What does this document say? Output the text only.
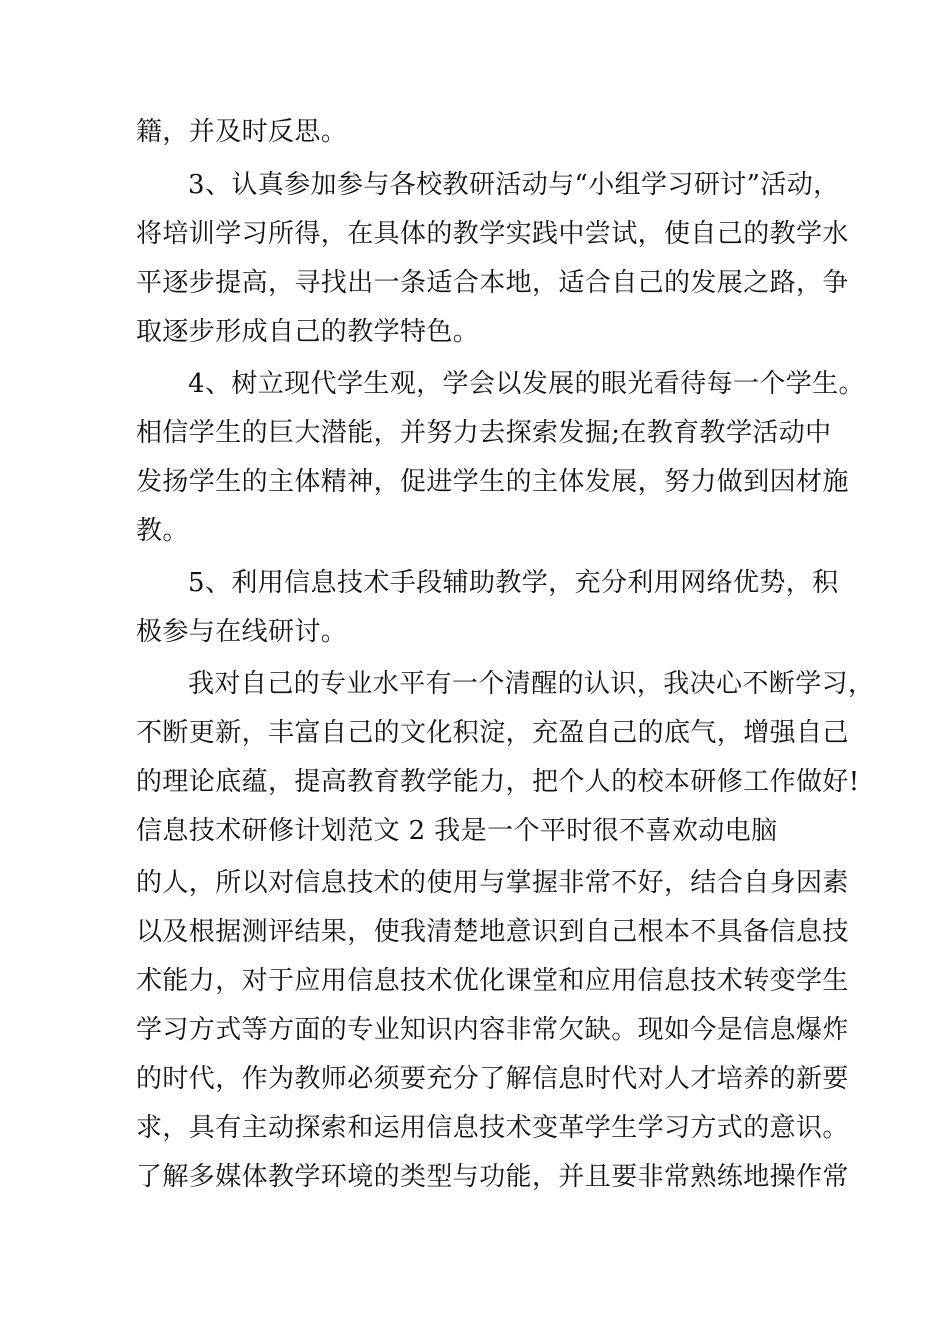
籍，并及时反思。
3、认真参加参与各校教研活动与“小组学习研讨”活动，
将培训学习所得，在具体的教学实践中尝试，使自己的教学水
平逐步提高，寻找出一条适合本地，适合自己的发展之路，争
取逐步形成自己的教学特色。
4、树立现代学生观，学会以发展的眼光看待每一个学生。
相信学生的巨大潜能，并努力去探索发掘;在教育教学活动中
发扬学生的主体精神，促进学生的主体发展，努力做到因材施
教。
5、利用信息技术手段辅助教学，充分利用网络优势，积
极参与在线研讨。
我对自己的专业水平有一个清醒的认识，我决心不断学习，
不断更新，丰富自己的文化积淀，充盈自己的底气，增强自己
的理论底蕴，提高教育教学能力，把个人的校本研修工作做好!
信息技术研修计划范文 2 我是一个平时很不喜欢动电脑
的人，所以对信息技术的使用与掌握非常不好，结合自身因素
以及根据测评结果，使我清楚地意识到自己根本不具备信息技
术能力，对于应用信息技术优化课堂和应用信息技术转变学生
学习方式等方面的专业知识内容非常欠缺。现如今是信息爆炸
的时代，作为教师必须要充分了解信息时代对人才培养的新要
求，具有主动探索和运用信息技术变革学生学习方式的意识。
了解多媒体教学环境的类型与功能，并且要非常熟练地操作常
